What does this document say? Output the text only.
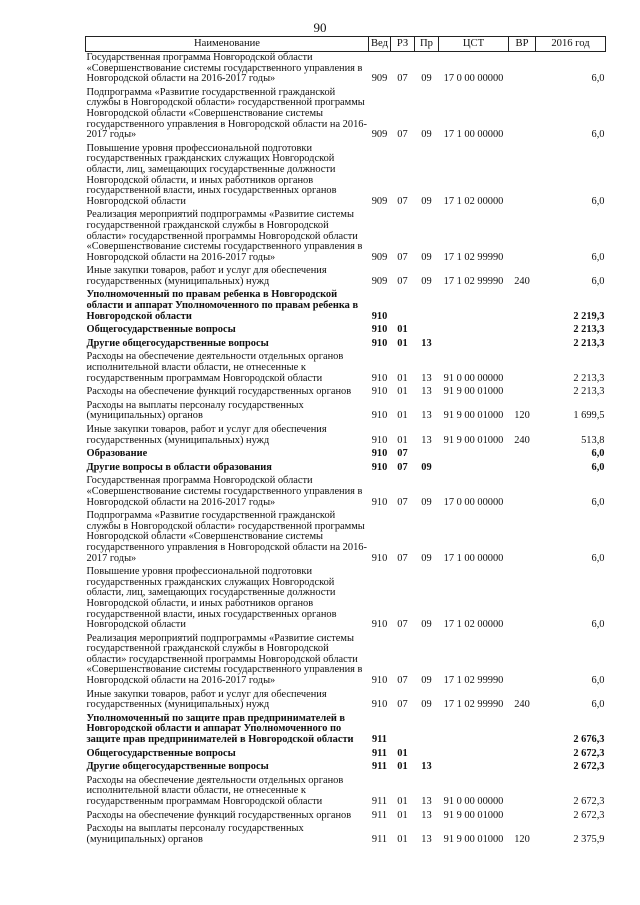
90
Наименование	Вед	РЗ	Пр	ЦСТ	ВР	2016 год
Государственная программа Новгородской области «Совершенствование системы государственного управления в Новгородской области на 2016-2017 годы»	909	07	09	17 0 00 00000		6,0
Подпрограмма «Развитие государственной гражданской службы в Новгородской области» государственной программы Новгородской области «Совершенствование системы государственного управления в Новгородской области на 2016-2017 годы»	909	07	09	17 1 00 00000		6,0
Повышение уровня профессиональной подготовки государственных гражданских служащих Новгородской области, лиц, замещающих государственные должности Новгородской области, и иных работников органов государственной власти, иных государственных органов Новгородской области	909	07	09	17 1 02 00000		6,0
Реализация мероприятий подпрограммы «Развитие системы государственной гражданской службы в Новгородской области» государственной программы Новгородской области «Совершенствование системы государственного управления в Новгородской области на 2016-2017 годы»	909	07	09	17 1 02 99990		6,0
Иные закупки товаров, работ и услуг для обеспечения государственных (муниципальных) нужд	909	07	09	17 1 02 99990	240	6,0
Уполномоченный по правам ребенка в Новгородской области и аппарат Уполномоченного по правам ребенка в Новгородской области	910					2 219,3
Общегосударственные вопросы	910	01				2 213,3
Другие общегосударственные вопросы	910	01	13			2 213,3
Расходы на обеспечение деятельности отдельных органов исполнительной власти области, не отнесенные к государственным программам Новгородской области	910	01	13	91 0 00 00000		2 213,3
Расходы на обеспечение функций государственных органов	910	01	13	91 9 00 01000		2 213,3
Расходы на выплаты персоналу государственных (муниципальных) органов	910	01	13	91 9 00 01000	120	1 699,5
Иные закупки товаров, работ и услуг для обеспечения государственных (муниципальных) нужд	910	01	13	91 9 00 01000	240	513,8
Образование	910	07				6,0
Другие вопросы в области образования	910	07	09			6,0
Государственная программа Новгородской области «Совершенствование системы государственного управления в Новгородской области на 2016-2017 годы»	910	07	09	17 0 00 00000		6,0
Подпрограмма «Развитие государственной гражданской службы в Новгородской области» государственной программы Новгородской области «Совершенствование системы государственного управления в Новгородской области на 2016-2017 годы»	910	07	09	17 1 00 00000		6,0
Повышение уровня профессиональной подготовки государственных гражданских служащих Новгородской области, лиц, замещающих государственные должности Новгородской области, и иных работников органов государственной власти, иных государственных органов Новгородской области	910	07	09	17 1 02 00000		6,0
Реализация мероприятий подпрограммы «Развитие системы государственной гражданской службы в Новгородской области» государственной программы Новгородской области «Совершенствование системы государственного управления в Новгородской области на 2016-2017 годы»	910	07	09	17 1 02 99990		6,0
Иные закупки товаров, работ и услуг для обеспечения государственных (муниципальных) нужд	910	07	09	17 1 02 99990	240	6,0
Уполномоченный по защите прав предпринимателей в Новгородской области и аппарат Уполномоченного по защите прав предпринимателей в Новгородской области	911					2 676,3
Общегосударственные вопросы	911	01				2 672,3
Другие общегосударственные вопросы	911	01	13			2 672,3
Расходы на обеспечение деятельности отдельных органов исполнительной власти области, не отнесенные к государственным программам Новгородской области	911	01	13	91 0 00 00000		2 672,3
Расходы на обеспечение функций государственных органов	911	01	13	91 9 00 01000		2 672,3
Расходы на выплаты персоналу государственных (муниципальных) органов	911	01	13	91 9 00 01000	120	2 375,9
